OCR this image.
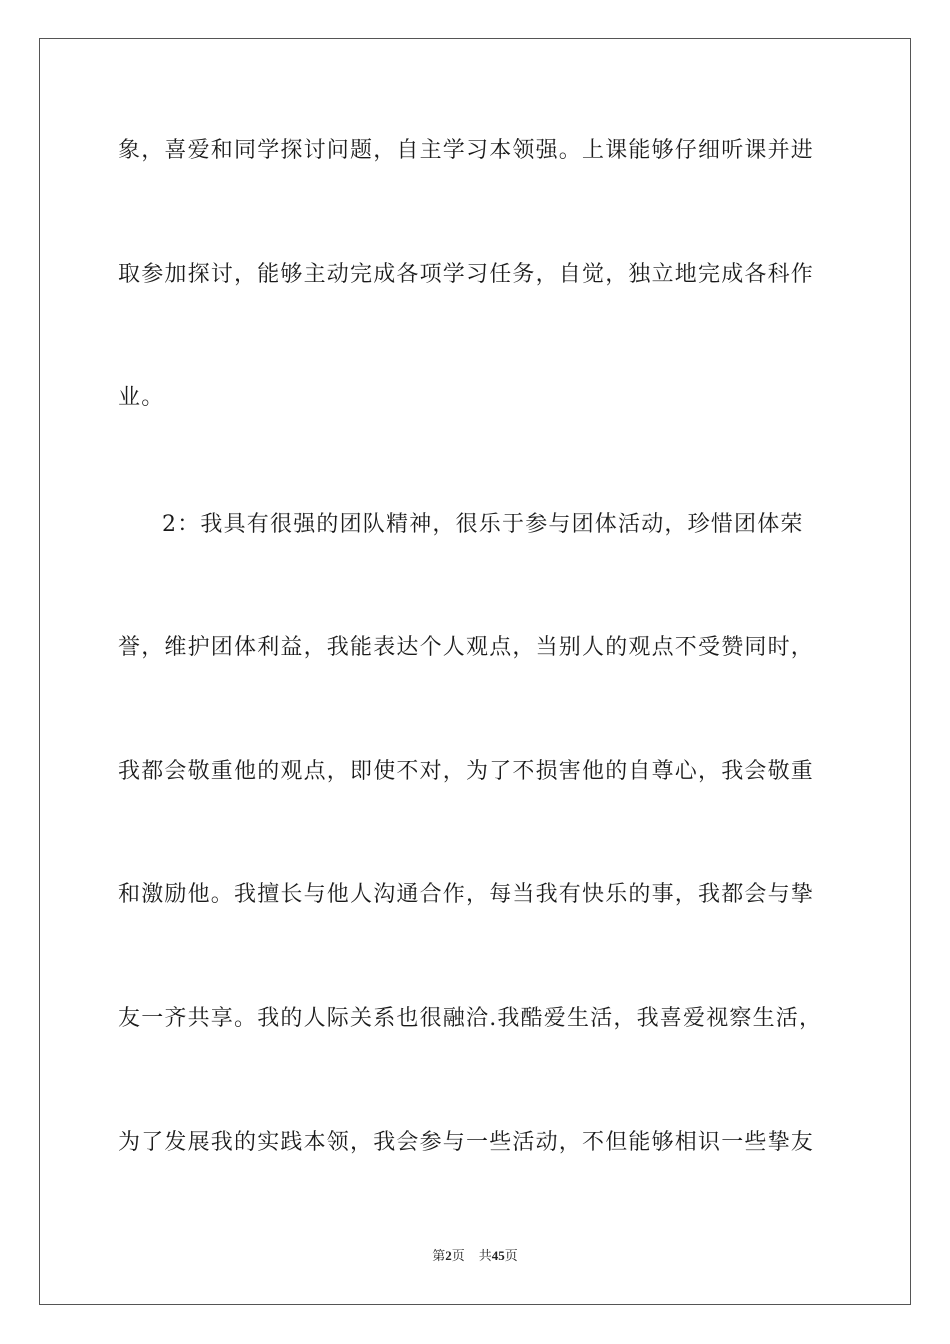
象，喜爱和同学探讨问题，自主学习本领强。上课能够仔细听课并进
取参加探讨，能够主动完成各项学习任务，自觉，独立地完成各科作
业。
2：我具有很强的团队精神，很乐于参与团体活动，珍惜团体荣
誉，维护团体利益，我能表达个人观点，当别人的观点不受赞同时，
我都会敬重他的观点，即使不对，为了不损害他的自尊心，我会敬重
和激励他。我擅长与他人沟通合作，每当我有快乐的事，我都会与挚
友一齐共享。我的人际关系也很融洽.我酷爱生活，我喜爱视察生活，
为了发展我的实践本领，我会参与一些活动，不但能够相识一些挚友
第2页 共45页
